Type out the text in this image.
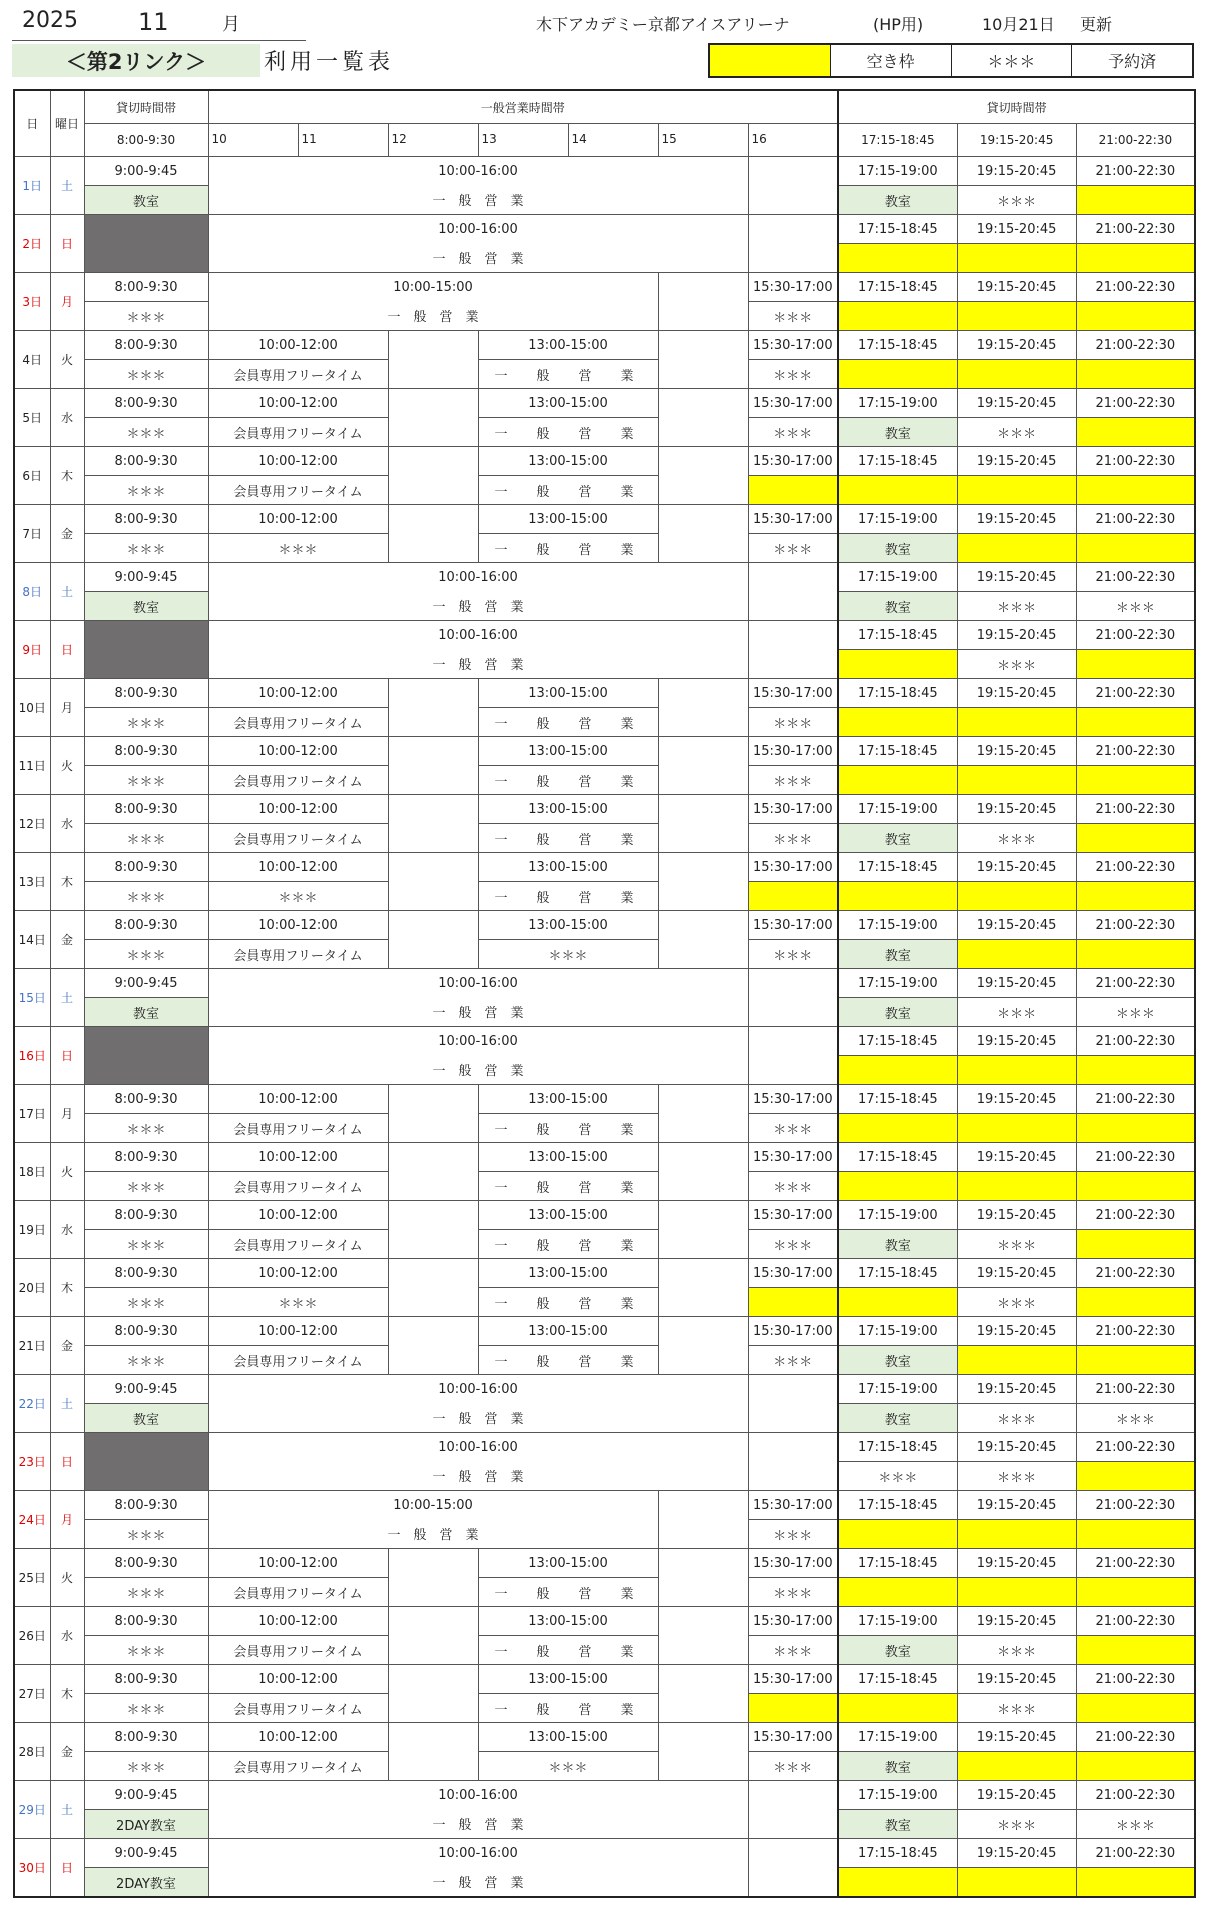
2025	11	月	木下アカデミー京都アイスアリーナ	(HP用)	10月21日 更新
＜第2リンク＞	利用一覧表	空き枠	＊＊＊	予約済
日	曜日	貸切時間帯	一般営業時間帯							貸切時間帯		
		8:00-9:30	10	11	12	13	14	15	16	17:15-18:45	19:15-20:45	21:00-22:30
1日	土	9:00-9:45	10:00-16:00							17:15-19:00	19:15-20:45	21:00-22:30
		教室	一　般　営　業							教室	＊＊＊	
2日	日		10:00-16:00							17:15-18:45	19:15-20:45	21:00-22:30
			一　般　営　業									
3日	月	8:00-9:30	10:00-15:00						15:30-17:00	17:15-18:45	19:15-20:45	21:00-22:30
		＊＊＊	一　般　営　業						＊＊＊			
4日	火	8:00-9:30	10:00-12:00			13:00-15:00			15:30-17:00	17:15-18:45	19:15-20:45	21:00-22:30
		＊＊＊	会員専用フリータイム			一　般　営　業			＊＊＊			
5日	水	8:00-9:30	10:00-12:00			13:00-15:00			15:30-17:00	17:15-19:00	19:15-20:45	21:00-22:30
		＊＊＊	会員専用フリータイム			一　般　営　業			＊＊＊	教室	＊＊＊	
6日	木	8:00-9:30	10:00-12:00			13:00-15:00			15:30-17:00	17:15-18:45	19:15-20:45	21:00-22:30
		＊＊＊	会員専用フリータイム			一　般　営　業						
7日	金	8:00-9:30	10:00-12:00			13:00-15:00			15:30-17:00	17:15-19:00	19:15-20:45	21:00-22:30
		＊＊＊	＊＊＊			一　般　営　業			＊＊＊	教室		
8日	土	9:00-9:45	10:00-16:00							17:15-19:00	19:15-20:45	21:00-22:30
		教室	一　般　営　業							教室	＊＊＊	＊＊＊
9日	日		10:00-16:00							17:15-18:45	19:15-20:45	21:00-22:30
			一　般　営　業								＊＊＊	
10日	月	8:00-9:30	10:00-12:00			13:00-15:00			15:30-17:00	17:15-18:45	19:15-20:45	21:00-22:30
		＊＊＊	会員専用フリータイム			一　般　営　業			＊＊＊			
11日	火	8:00-9:30	10:00-12:00			13:00-15:00			15:30-17:00	17:15-18:45	19:15-20:45	21:00-22:30
		＊＊＊	会員専用フリータイム			一　般　営　業			＊＊＊			
12日	水	8:00-9:30	10:00-12:00			13:00-15:00			15:30-17:00	17:15-19:00	19:15-20:45	21:00-22:30
		＊＊＊	会員専用フリータイム			一　般　営　業			＊＊＊	教室	＊＊＊	
13日	木	8:00-9:30	10:00-12:00			13:00-15:00			15:30-17:00	17:15-18:45	19:15-20:45	21:00-22:30
		＊＊＊	＊＊＊			一　般　営　業						
14日	金	8:00-9:30	10:00-12:00			13:00-15:00			15:30-17:00	17:15-19:00	19:15-20:45	21:00-22:30
		＊＊＊	会員専用フリータイム			＊＊＊			＊＊＊	教室		
15日	土	9:00-9:45	10:00-16:00							17:15-19:00	19:15-20:45	21:00-22:30
		教室	一　般　営　業							教室	＊＊＊	＊＊＊
16日	日		10:00-16:00							17:15-18:45	19:15-20:45	21:00-22:30
			一　般　営　業									
17日	月	8:00-9:30	10:00-12:00			13:00-15:00			15:30-17:00	17:15-18:45	19:15-20:45	21:00-22:30
		＊＊＊	会員専用フリータイム			一　般　営　業			＊＊＊			
18日	火	8:00-9:30	10:00-12:00			13:00-15:00			15:30-17:00	17:15-18:45	19:15-20:45	21:00-22:30
		＊＊＊	会員専用フリータイム			一　般　営　業			＊＊＊			
19日	水	8:00-9:30	10:00-12:00			13:00-15:00			15:30-17:00	17:15-19:00	19:15-20:45	21:00-22:30
		＊＊＊	会員専用フリータイム			一　般　営　業			＊＊＊	教室	＊＊＊	
20日	木	8:00-9:30	10:00-12:00			13:00-15:00			15:30-17:00	17:15-18:45	19:15-20:45	21:00-22:30
		＊＊＊	＊＊＊			一　般　営　業					＊＊＊	
21日	金	8:00-9:30	10:00-12:00			13:00-15:00			15:30-17:00	17:15-19:00	19:15-20:45	21:00-22:30
		＊＊＊	会員専用フリータイム			一　般　営　業			＊＊＊	教室		
22日	土	9:00-9:45	10:00-16:00							17:15-19:00	19:15-20:45	21:00-22:30
		教室	一　般　営　業							教室	＊＊＊	＊＊＊
23日	日		10:00-16:00							17:15-18:45	19:15-20:45	21:00-22:30
			一　般　営　業							＊＊＊	＊＊＊	
24日	月	8:00-9:30	10:00-15:00						15:30-17:00	17:15-18:45	19:15-20:45	21:00-22:30
		＊＊＊	一　般　営　業						＊＊＊			
25日	火	8:00-9:30	10:00-12:00			13:00-15:00			15:30-17:00	17:15-18:45	19:15-20:45	21:00-22:30
		＊＊＊	会員専用フリータイム			一　般　営　業			＊＊＊			
26日	水	8:00-9:30	10:00-12:00			13:00-15:00			15:30-17:00	17:15-19:00	19:15-20:45	21:00-22:30
		＊＊＊	会員専用フリータイム			一　般　営　業			＊＊＊	教室	＊＊＊	
27日	木	8:00-9:30	10:00-12:00			13:00-15:00			15:30-17:00	17:15-18:45	19:15-20:45	21:00-22:30
		＊＊＊	会員専用フリータイム			一　般　営　業					＊＊＊	
28日	金	8:00-9:30	10:00-12:00			13:00-15:00			15:30-17:00	17:15-19:00	19:15-20:45	21:00-22:30
		＊＊＊	会員専用フリータイム			＊＊＊			＊＊＊	教室		
29日	土	9:00-9:45	10:00-16:00							17:15-19:00	19:15-20:45	21:00-22:30
		2DAY教室	一　般　営　業							教室	＊＊＊	＊＊＊
30日	日	9:00-9:45	10:00-16:00							17:15-18:45	19:15-20:45	21:00-22:30
		2DAY教室	一　般　営　業									
